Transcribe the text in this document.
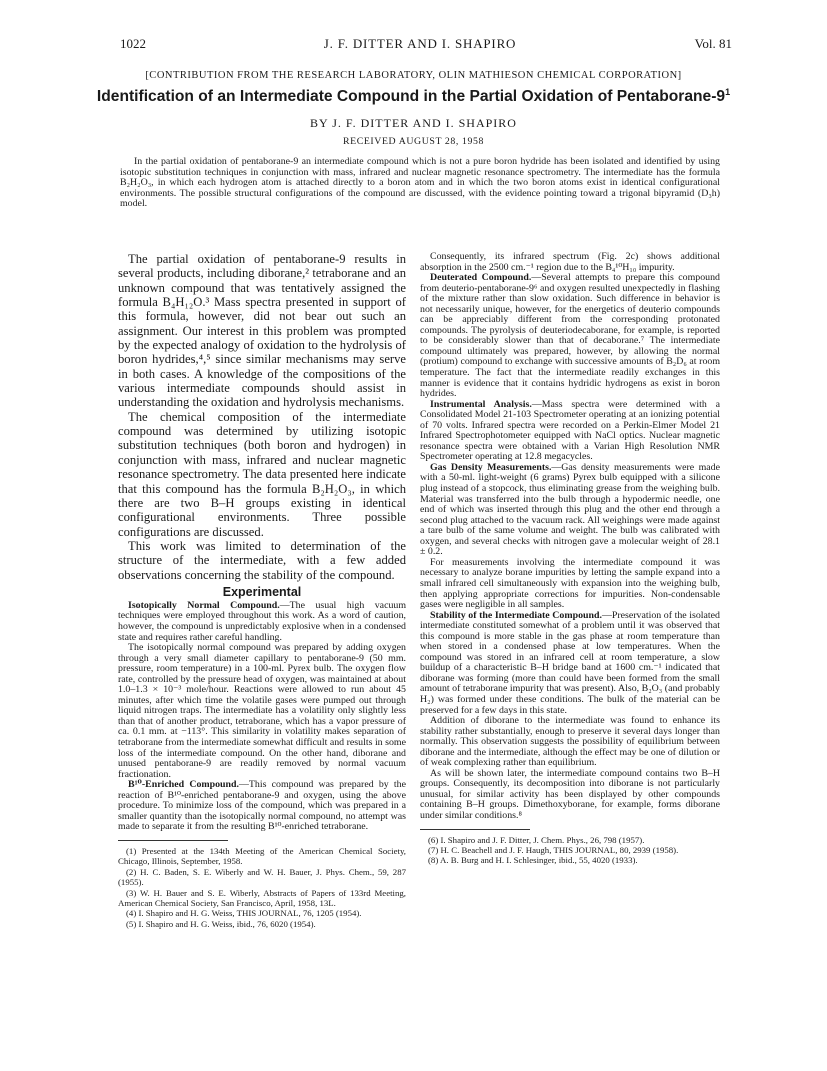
1022	J. F. DITTER AND I. SHAPIRO	Vol. 81
[CONTRIBUTION FROM THE RESEARCH LABORATORY, OLIN MATHIESON CHEMICAL CORPORATION]
Identification of an Intermediate Compound in the Partial Oxidation of Pentaborane-$9^1$
BY J. F. DITTER AND I. SHAPIRO
RECEIVED AUGUST 28, 1958

In the partial oxidation of pentaborane-9 an intermediate compound which is not a pure boron hydride has been isolated and identified by using isotopic substitution techniques in conjunction with mass, infrared and nuclear magnetic resonance spectrometry. The intermediate has the formula B₂H₂O₃, in which each hydrogen atom is attached directly to a boron atom and in which the two boron atoms exist in identical configurational environments. The possible structural configurations of the compound are discussed, with the evidence pointing toward a trigonal bipyramid (D₃h) model.

The partial oxidation of pentaborane-9 results in several products, including diborane,² tetraborane and an unknown compound that was tentatively assigned the formula B₄H₁₂O.³ Mass spectra presented in support of this formula, however, did not bear out such an assignment. Our interest in this problem was prompted by the expected analogy of oxidation to the hydrolysis of boron hydrides,⁴,⁵ since similar mechanisms may serve in both cases. A knowledge of the compositions of the various intermediate compounds should assist in understanding the oxidation and hydrolysis mechanisms.

The chemical composition of the intermediate compound was determined by utilizing isotopic substitution techniques (both boron and hydrogen) in conjunction with mass, infrared and nuclear magnetic resonance spectrometry. The data presented here indicate that this compound has the formula B₂H₂O₃, in which there are two B–H groups existing in identical configurational environments. Three possible configurations are discussed.

This work was limited to determination of the structure of the intermediate, with a few added observations concerning the stability of the compound.

Experimental

Isotopically Normal Compound.—The usual high vacuum techniques were employed throughout this work. As a word of caution, however, the compound is unpredictably explosive when in a condensed state and requires rather careful handling.

The isotopically normal compound was prepared by adding oxygen through a very small diameter capillary to pentaborane-9 (50 mm. pressure, room temperature) in a 100-ml. Pyrex bulb. The oxygen flow rate, controlled by the pressure head of oxygen, was maintained at about 1.0–1.3 × 10⁻³ mole/hour. Reactions were allowed to run about 45 minutes, after which time the volatile gases were pumped out through liquid nitrogen traps. The intermediate has a volatility only slightly less than that of another product, tetraborane, which has a vapor pressure of ca. 0.1 mm. at −113°. This similarity in volatility makes separation of tetraborane from the intermediate somewhat difficult and results in some loss of the intermediate compound. On the other hand, diborane and unused pentaborane-9 are readily removed by normal vacuum fractionation.

B¹⁰-Enriched Compound.—This compound was prepared by the reaction of B¹⁰-enriched pentaborane-9 and oxygen, using the above procedure. To minimize loss of the compound, which was prepared in a smaller quantity than the isotopically normal compound, no attempt was made to separate it from the resulting B¹⁰-enriched tetraborane.

(1) Presented at the 134th Meeting of the American Chemical Society, Chicago, Illinois, September, 1958.

(2) H. C. Baden, S. E. Wiberly and W. H. Bauer, J. Phys. Chem., 59, 287 (1955).

(3) W. H. Bauer and S. E. Wiberly, Abstracts of Papers of 133rd Meeting, American Chemical Society, San Francisco, April, 1958, 13L.

(4) I. Shapiro and H. G. Weiss, THIS JOURNAL, 76, 1205 (1954).

(5) I. Shapiro and H. G. Weiss, ibid., 76, 6020 (1954).

Consequently, its infrared spectrum (Fig. 2c) shows additional absorption in the 2500 cm.⁻¹ region due to the B₄¹⁰H₁₀ impurity.

Deuterated Compound.—Several attempts to prepare this compound from deuterio-pentaborane-9⁶ and oxygen resulted unexpectedly in flashing of the mixture rather than slow oxidation. Such difference in behavior is not necessarily unique, however, for the energetics of deuterio compounds can be appreciably different from the corresponding protonated compounds. The pyrolysis of deuteriodecaborane, for example, is reported to be considerably slower than that of decaborane.⁷ The intermediate compound ultimately was prepared, however, by allowing the normal (protium) compound to exchange with successive amounts of B₂D₆ at room temperature. The fact that the intermediate readily exchanges in this manner is evidence that it contains hydridic hydrogens as exist in boron hydrides.

Instrumental Analysis.—Mass spectra were determined with a Consolidated Model 21-103 Spectrometer operating at an ionizing potential of 70 volts. Infrared spectra were recorded on a Perkin-Elmer Model 21 Infrared Spectrophotometer equipped with NaCl optics. Nuclear magnetic resonance spectra were obtained with a Varian High Resolution NMR Spectrometer operating at 12.8 megacycles.

Gas Density Measurements.—Gas density measurements were made with a 50-ml. light-weight (6 grams) Pyrex bulb equipped with a silicone plug instead of a stopcock, thus eliminating grease from the weighing bulb. Material was transferred into the bulb through a hypodermic needle, one end of which was inserted through this plug and the other end through a second plug attached to the vacuum rack. All weighings were made against a tare bulb of the same volume and weight. The bulb was calibrated with oxygen, and several checks with nitrogen gave a molecular weight of 28.1 ± 0.2.

For measurements involving the intermediate compound it was necessary to analyze borane impurities by letting the sample expand into a small infrared cell simultaneously with expansion into the weighing bulb, then applying appropriate corrections for impurities. Non-condensable gases were negligible in all samples.

Stability of the Intermediate Compound.—Preservation of the isolated intermediate constituted somewhat of a problem until it was observed that this compound is more stable in the gas phase at room temperature than when stored in a condensed phase at low temperatures. When the compound was stored in an infrared cell at room temperature, a slow buildup of a characteristic B–H bridge band at 1600 cm.⁻¹ indicated that diborane was forming (more than could have been formed from the small amount of tetraborane impurity that was present). Also, B₂O₃ (and probably H₂) was formed under these conditions. The bulk of the material can be preserved for a few days in this state.

Addition of diborane to the intermediate was found to enhance its stability rather substantially, enough to preserve it several days longer than normally. This observation suggests the possibility of equilibrium between diborane and the intermediate, although the effect may be one of dilution or of weak complexing rather than equilibrium.

As will be shown later, the intermediate compound contains two B–H groups. Consequently, its decomposition into diborane is not particularly unusual, for similar activity has been displayed by other compounds containing B–H groups. Dimethoxyborane, for example, forms diborane under similar conditions.⁸

(6) I. Shapiro and J. F. Ditter, J. Chem. Phys., 26, 798 (1957).

(7) H. C. Beachell and J. F. Haugh, THIS JOURNAL, 80, 2939 (1958).

(8) A. B. Burg and H. I. Schlesinger, ibid., 55, 4020 (1933).
